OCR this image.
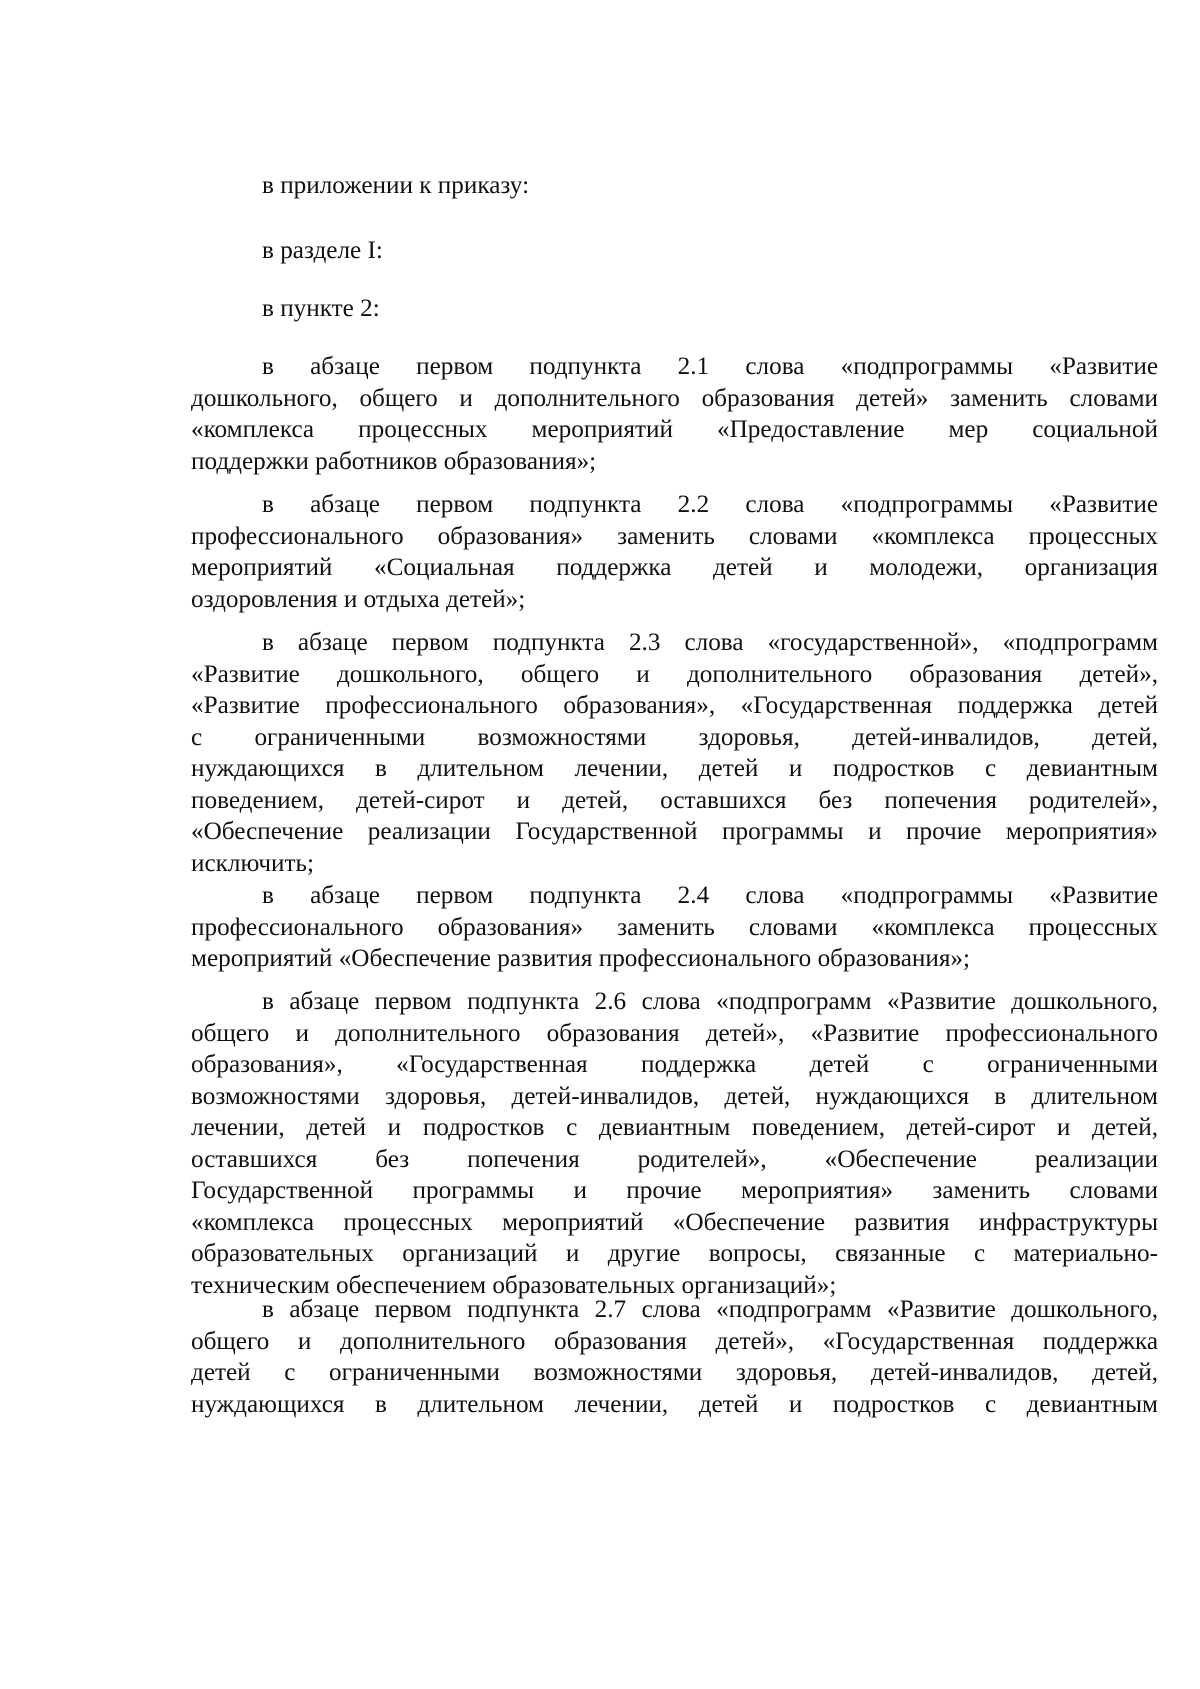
в приложении к приказу:
в разделе I:
в пункте 2:
в абзаце первом подпункта 2.1 слова «подпрограммы «Развитие
дошкольного, общего и дополнительного образования детей» заменить словами
«комплекса процессных мероприятий «Предоставление мер социальной
поддержки работников образования»;
в абзаце первом подпункта 2.2 слова «подпрограммы «Развитие
профессионального образования» заменить словами «комплекса процессных
мероприятий «Социальная поддержка детей и молодежи, организация
оздоровления и отдыха детей»;
в абзаце первом подпункта 2.3 слова «государственной», «подпрограмм
«Развитие дошкольного, общего и дополнительного образования детей»,
«Развитие профессионального образования», «Государственная поддержка детей
с ограниченными возможностями здоровья, детей-инвалидов, детей,
нуждающихся в длительном лечении, детей и подростков с девиантным
поведением, детей-сирот и детей, оставшихся без попечения родителей»,
«Обеспечение реализации Государственной программы и прочие мероприятия»
исключить;
в абзаце первом подпункта 2.4 слова «подпрограммы «Развитие
профессионального образования» заменить словами «комплекса процессных
мероприятий «Обеспечение развития профессионального образования»;
в абзаце первом подпункта 2.6 слова «подпрограмм «Развитие дошкольного,
общего и дополнительного образования детей», «Развитие профессионального
образования», «Государственная поддержка детей с ограниченными
возможностями здоровья, детей-инвалидов, детей, нуждающихся в длительном
лечении, детей и подростков с девиантным поведением, детей-сирот и детей,
оставшихся без попечения родителей», «Обеспечение реализации
Государственной программы и прочие мероприятия» заменить словами
«комплекса процессных мероприятий «Обеспечение развития инфраструктуры
образовательных организаций и другие вопросы, связанные с материально-
техническим обеспечением образовательных организаций»;
в абзаце первом подпункта 2.7 слова «подпрограмм «Развитие дошкольного,
общего и дополнительного образования детей», «Государственная поддержка
детей с ограниченными возможностями здоровья, детей-инвалидов, детей,
нуждающихся в длительном лечении, детей и подростков с девиантным
